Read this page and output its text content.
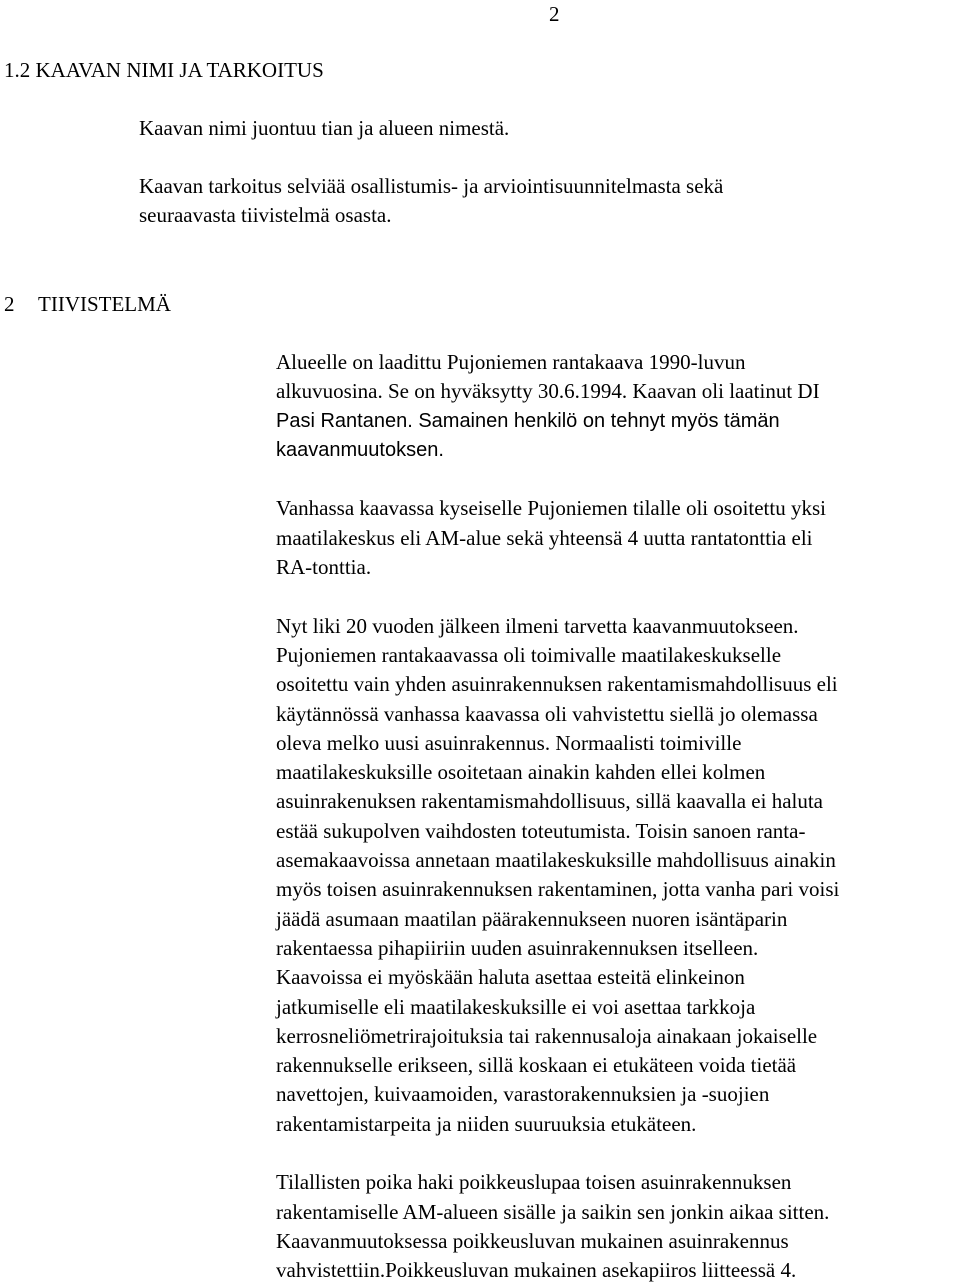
2
1.2 KAAVAN NIMI JA TARKOITUS

Kaavan nimi juontuu tian ja alueen nimestä.

Kaavan tarkoitus selviää osallistumis- ja arviointisuunnitelmasta sekä
seuraavasta tiivistelmä osasta.

2 TIIVISTELMÄ

Alueelle on laadittu Pujoniemen rantakaava 1990-luvun
alkuvuosina. Se on hyväksytty 30.6.1994. Kaavan oli laatinut DI
Pasi Rantanen. Samainen henkilö on tehnyt myös tämän
kaavanmuutoksen.

Vanhassa kaavassa kyseiselle Pujoniemen tilalle oli osoitettu yksi
maatilakeskus eli AM-alue sekä yhteensä 4 uutta rantatonttia eli
RA-tonttia.

Nyt liki 20 vuoden jälkeen ilmeni tarvetta kaavanmuutokseen.
Pujoniemen rantakaavassa oli toimivalle maatilakeskukselle
osoitettu vain yhden asuinrakennuksen rakentamismahdollisuus eli
käytännössä vanhassa kaavassa oli vahvistettu siellä jo olemassa
oleva melko uusi asuinrakennus. Normaalisti toimiville
maatilakeskuksille osoitetaan ainakin kahden ellei kolmen
asuinrakenuksen rakentamismahdollisuus, sillä kaavalla ei haluta
estää sukupolven vaihdosten toteutumista. Toisin sanoen ranta-
asemakaavoissa annetaan maatilakeskuksille mahdollisuus ainakin
myös toisen asuinrakennuksen rakentaminen, jotta vanha pari voisi
jäädä asumaan maatilan päärakennukseen nuoren isäntäparin
rakentaessa pihapiiriin uuden asuinrakennuksen itselleen.
Kaavoissa ei myöskään haluta asettaa esteitä elinkeinon
jatkumiselle eli maatilakeskuksille ei voi asettaa tarkkoja
kerrosneliömetrirajoituksia tai rakennusaloja ainakaan jokaiselle
rakennukselle erikseen, sillä koskaan ei etukäteen voida tietää
navettojen, kuivaamoiden, varastorakennuksien ja -suojien
rakentamistarpeita ja niiden suuruuksia etukäteen.

Tilallisten poika haki poikkeuslupaa toisen asuinrakennuksen
rakentamiselle AM-alueen sisälle ja saikin sen jonkin aikaa sitten.
Kaavanmuutoksessa poikkeusluvan mukainen asuinrakennus
vahvistettiin.Poikkeusluvan mukainen asekapiiros liitteessä 4.
